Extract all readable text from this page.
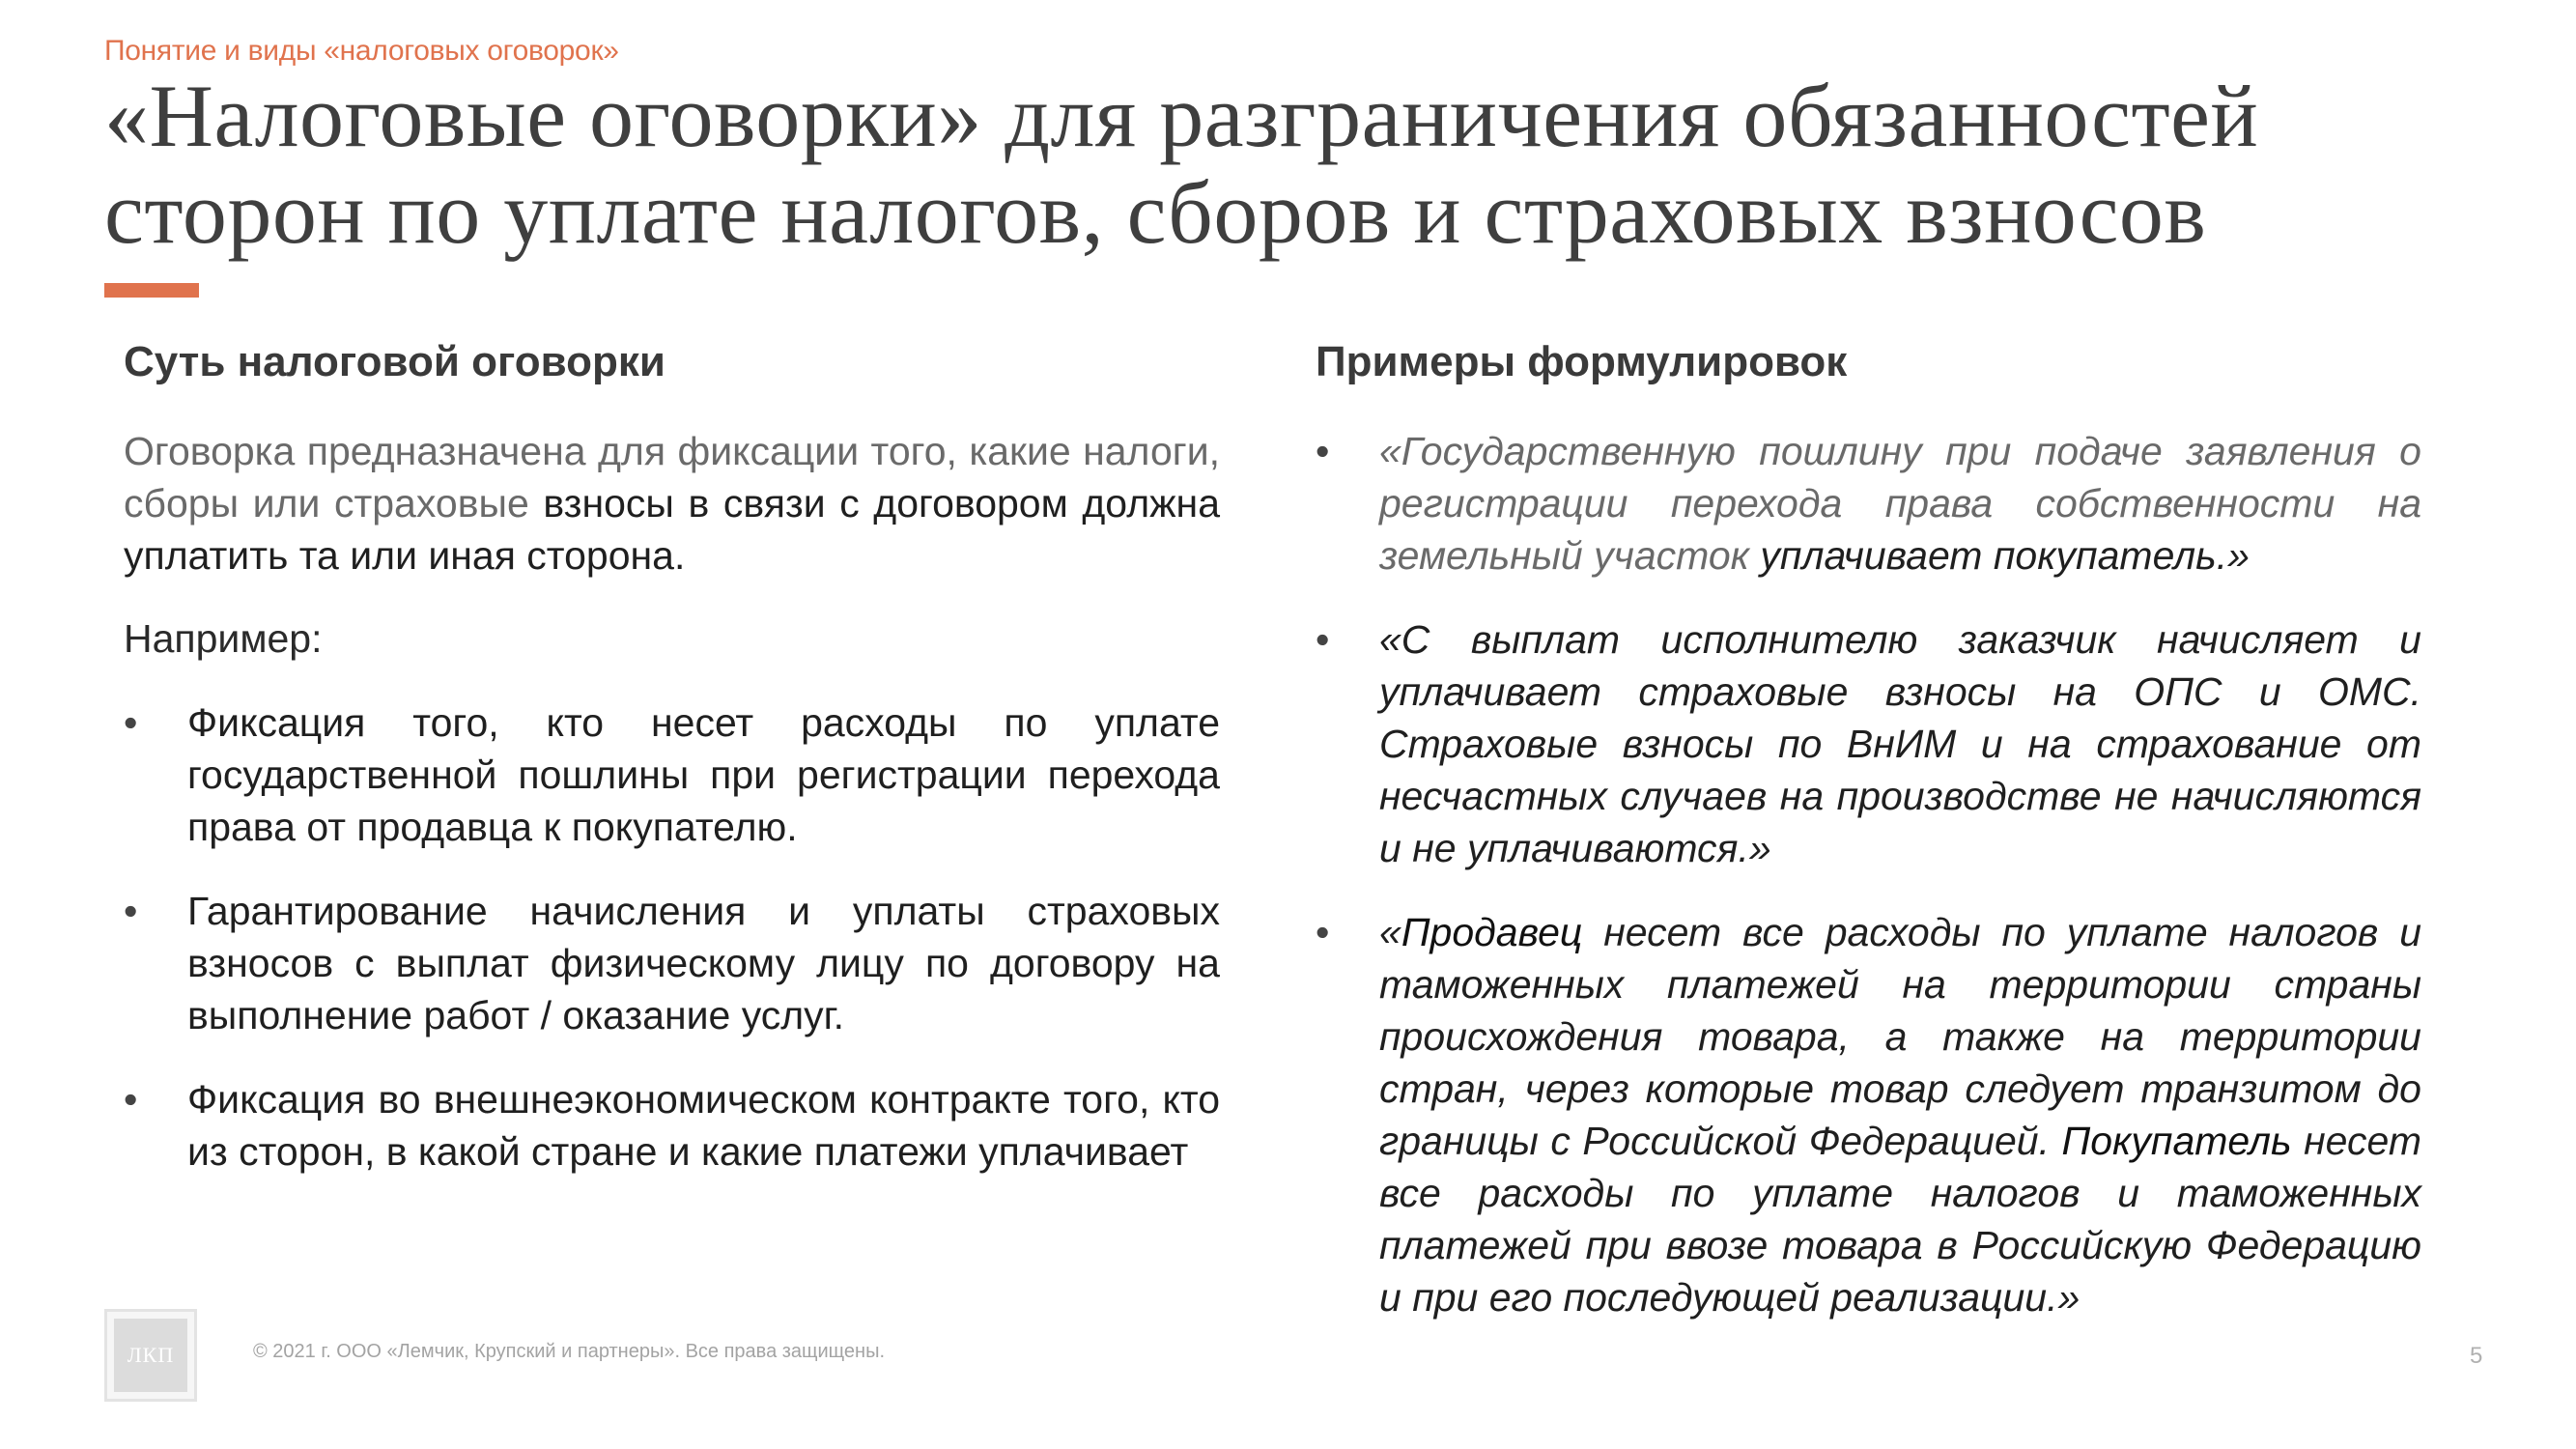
Понятие и виды «налоговых оговорок»
«Налоговые оговорки» для разграничения обязанностей
сторон по уплате налогов, сборов и страховых взносов
Суть налоговой оговорки	Примеры формулировок

Оговорка предназначена для фиксации того, какие налоги, сборы или страховые взносы в связи с договором должна уплатить та или иная сторона.

Например:

• Фиксация того, кто несет расходы по уплате государственной пошлины при регистрации перехода права от продавца к покупателю.
• Гарантирование начисления и уплаты страховых взносов с выплат физическому лицу по договору на выполнение работ / оказание услуг.
• Фиксация во внешнеэкономическом контракте того, кто из сторон, в какой стране и какие платежи уплачивает
• «Государственную пошлину при подаче заявления о регистрации перехода права собственности на земельный участок уплачивает покупатель.»
• «С выплат исполнителю заказчик начисляет и уплачивает страховые взносы на ОПС и ОМС. Страховые взносы по ВнИМ и на страхование от несчастных случаев на производстве не начисляются и не уплачиваются.»
• «Продавец несет все расходы по уплате налогов и таможенных платежей на территории страны происхождения товара, а также на территории стран, через которые товар следует транзитом до границы с Российской Федерацией. Покупатель несет все расходы по уплате налогов и таможенных платежей при ввозе товара в Российскую Федерацию и при его последующей реализации.»
ЛКП	© 2021 г. ООО «Лемчик, Крупский и партнеры». Все права защищены.	5
